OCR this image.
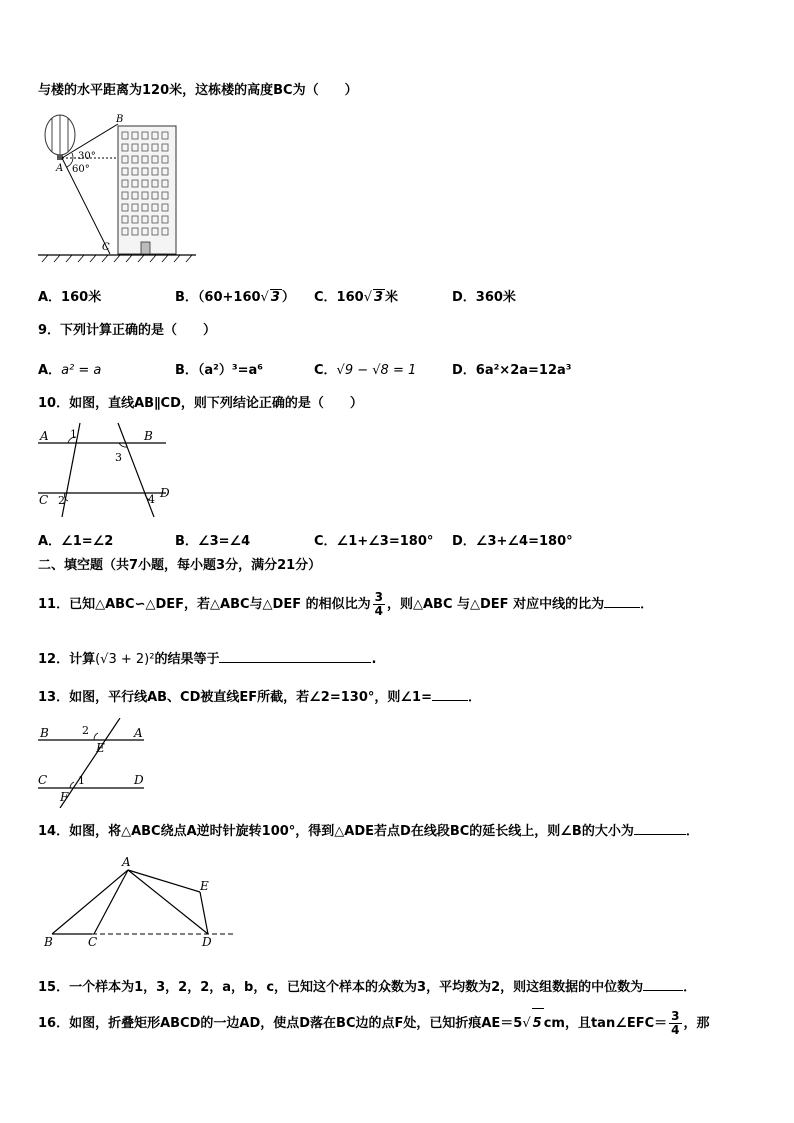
与楼的水平距离为120米，这栋楼的高度BC为（　　）
B
30°
A 60°
C
A．160米	B．（60+160√ 3 ） C．160√ 3 米	D．360米
9．下列计算正确的是（　　）
A．a² = a	B．（a²）³=a⁶	C．√9 − √8 = 1	D．6a²×2a=12a³
10．如图，直线AB∥CD，则下列结论正确的是（　　）
A	B
C	D
1
2
3
4
A．∠1=∠2	B．∠3=∠4	C．∠1+∠3=180° D．∠3+∠4=180°
二、填空题（共7小题，每小题3分，满分21分）
11．已知△ABC∽△DEF，若△ABC与△DEF 的相似比为 $\frac{3}{4}$ ，则△ABC 与△DEF 对应中线的比为	．
12．计算(√3 + 2)²的结果等于	.
13．如图，平行线AB、CD被直线EF所截，若∠2=130°，则∠1=	．
B	A
2
E
C	D
1
F
14．如图，将△ABC绕点A逆时针旋转100°，得到△ADE若点D在线段BC的延长线上，则∠B的大小为	．
A
E
B	C	D
15．一个样本为1，3，2，2，a，b，c，已知这个样本的众数为3，平均数为2，则这组数据的中位数为	．
16．如图，折叠矩形ABCD的一边AD，使点D落在BC边的点F处，已知折痕AE＝5√ 5 cm，且tan∠EFC＝ $\frac{3}{4}$ ，那
